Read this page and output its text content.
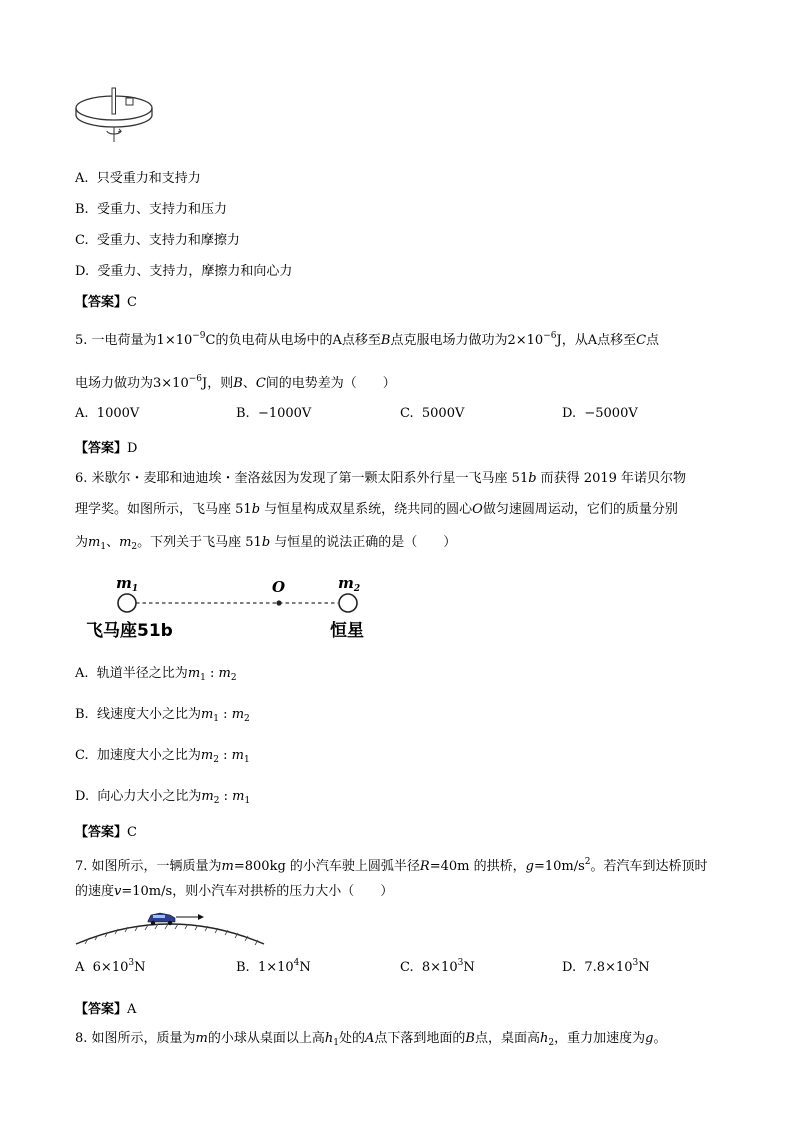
A. 只受重力和支持力
B. 受重力、支持力和压力
C. 受重力、支持力和摩擦力
D. 受重力、支持力，摩擦力和向心力
【答案】C
5. 一电荷量为$1\times 10^{-9}C$的负电荷从电场中的A点移至B点克服电场力做功为$2\times 10^{-6}J$，从A点移至C点
电场力做功为$3\times 10^{-6}J$，则B、C间的电势差为（　　）
A. 1000V	B. −1000V	C. 5000V	D. −5000V
【答案】D
6. 米歇尔・麦耶和迪迪埃・奎洛兹因为发现了第一颗太阳系外行星一飞马座 51b 而获得 2019 年诺贝尔物
理学奖。如图所示，飞马座 51b 与恒星构成双星系统，绕共同的圆心O做匀速圆周运动，它们的质量分别
为$m_1$、$m_2$。下列关于飞马座 51b 与恒星的说法正确的是（　　）
$m_1$	O	$m_2$
飞马座51b	恒星
A. 轨道半径之比为$m_1$ : $m_2$
B. 线速度大小之比为$m_1$ : $m_2$
C. 加速度大小之比为$m_2$ : $m_1$
D. 向心力大小之比为$m_2$ : $m_1$
【答案】C
7. 如图所示，一辆质量为m=800kg 的小汽车驶上圆弧半径R=40m 的拱桥，$g=10m/s^2$。若汽车到达桥顶时
的速度v=10m/s，则小汽车对拱桥的压力大小（　　）
A $6\times 10^3N$	B. $1\times 10^4N$	C. $8\times 10^3N$	D. $7.8\times 10^3N$
【答案】A
8. 如图所示，质量为m的小球从桌面以上高$h_1$处的A点下落到地面的B点，桌面高$h_2$，重力加速度为g。
